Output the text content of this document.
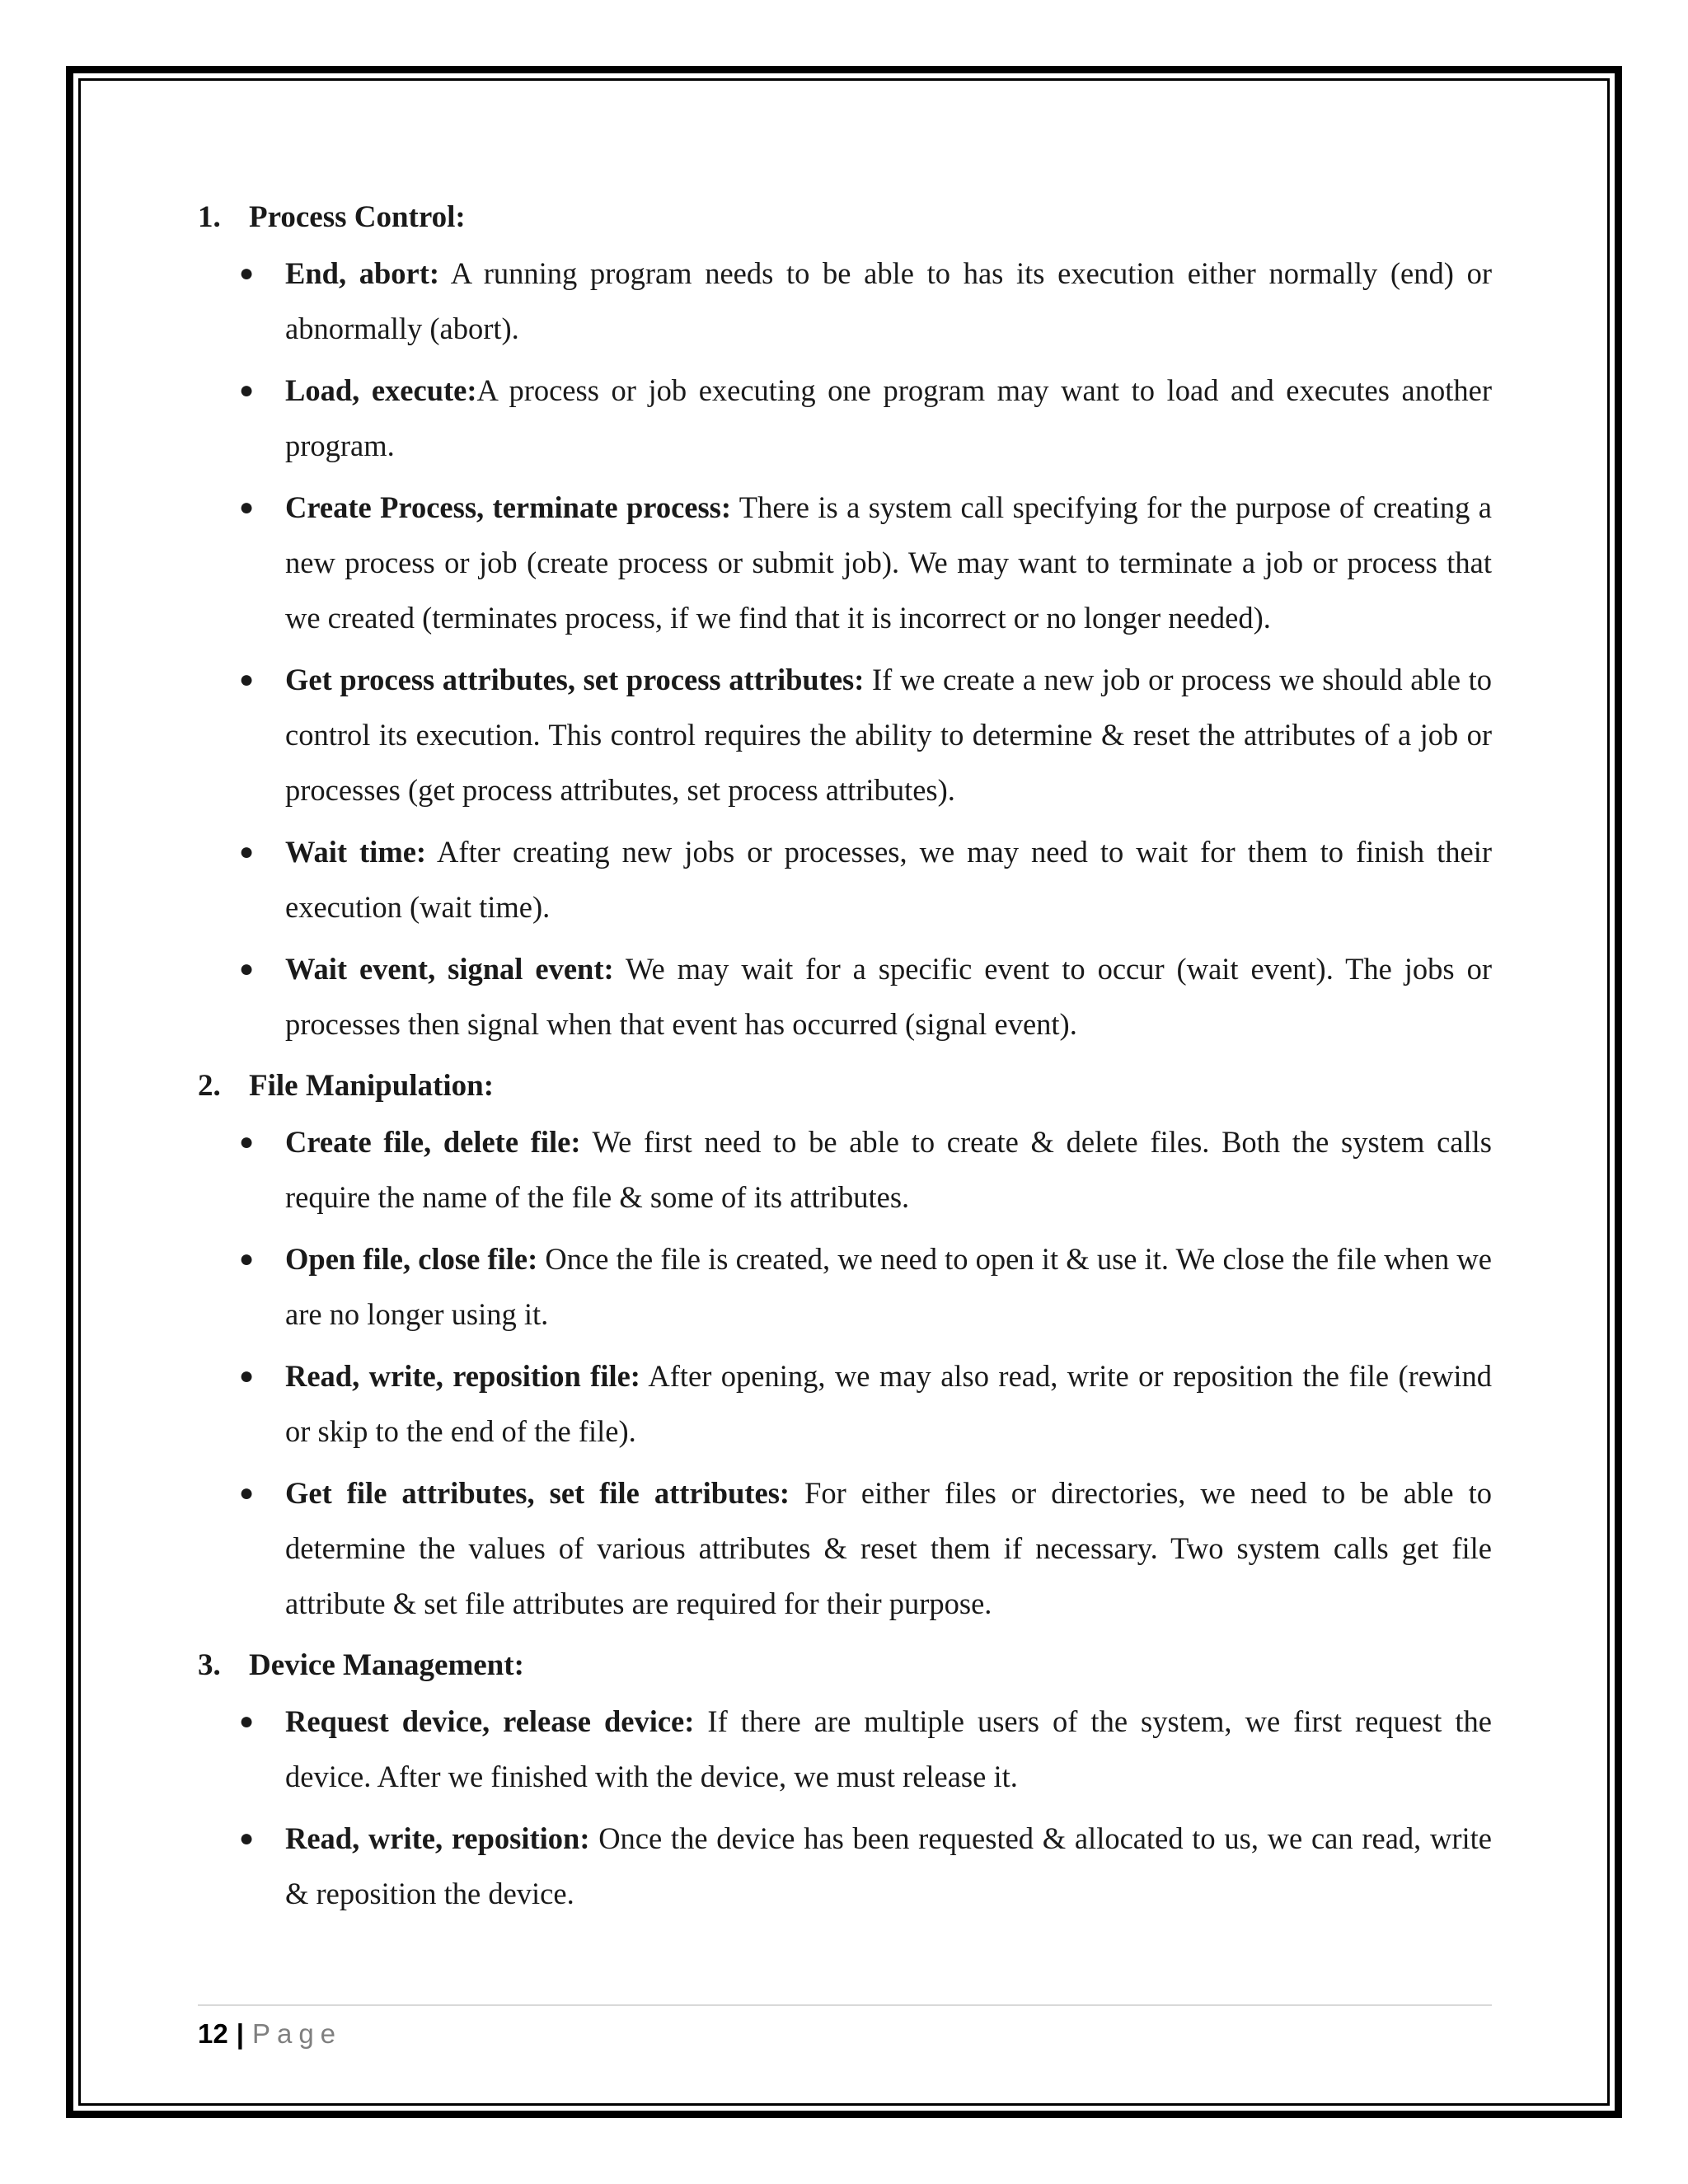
1. Process Control:
● End, abort: A running program needs to be able to has its execution either normally (end) or abnormally (abort).
● Load, execute:A process or job executing one program may want to load and executes another program.
● Create Process, terminate process: There is a system call specifying for the purpose of creating a new process or job (create process or submit job). We may want to terminate a job or process that we created (terminates process, if we find that it is incorrect or no longer needed).
● Get process attributes, set process attributes: If we create a new job or process we should able to control its execution. This control requires the ability to determine & reset the attributes of a job or processes (get process attributes, set process attributes).
● Wait time: After creating new jobs or processes, we may need to wait for them to finish their execution (wait time).
● Wait event, signal event: We may wait for a specific event to occur (wait event). The jobs or processes then signal when that event has occurred (signal event).
2. File Manipulation:
● Create file, delete file: We first need to be able to create & delete files. Both the system calls require the name of the file & some of its attributes.
● Open file, close file: Once the file is created, we need to open it & use it. We close the file when we are no longer using it.
● Read, write, reposition file: After opening, we may also read, write or reposition the file (rewind or skip to the end of the file).
● Get file attributes, set file attributes: For either files or directories, we need to be able to determine the values of various attributes & reset them if necessary. Two system calls get file attribute & set file attributes are required for their purpose.
3. Device Management:
● Request device, release device: If there are multiple users of the system, we first request the device. After we finished with the device, we must release it.
● Read, write, reposition: Once the device has been requested & allocated to us, we can read, write & reposition the device.
12 | Page
